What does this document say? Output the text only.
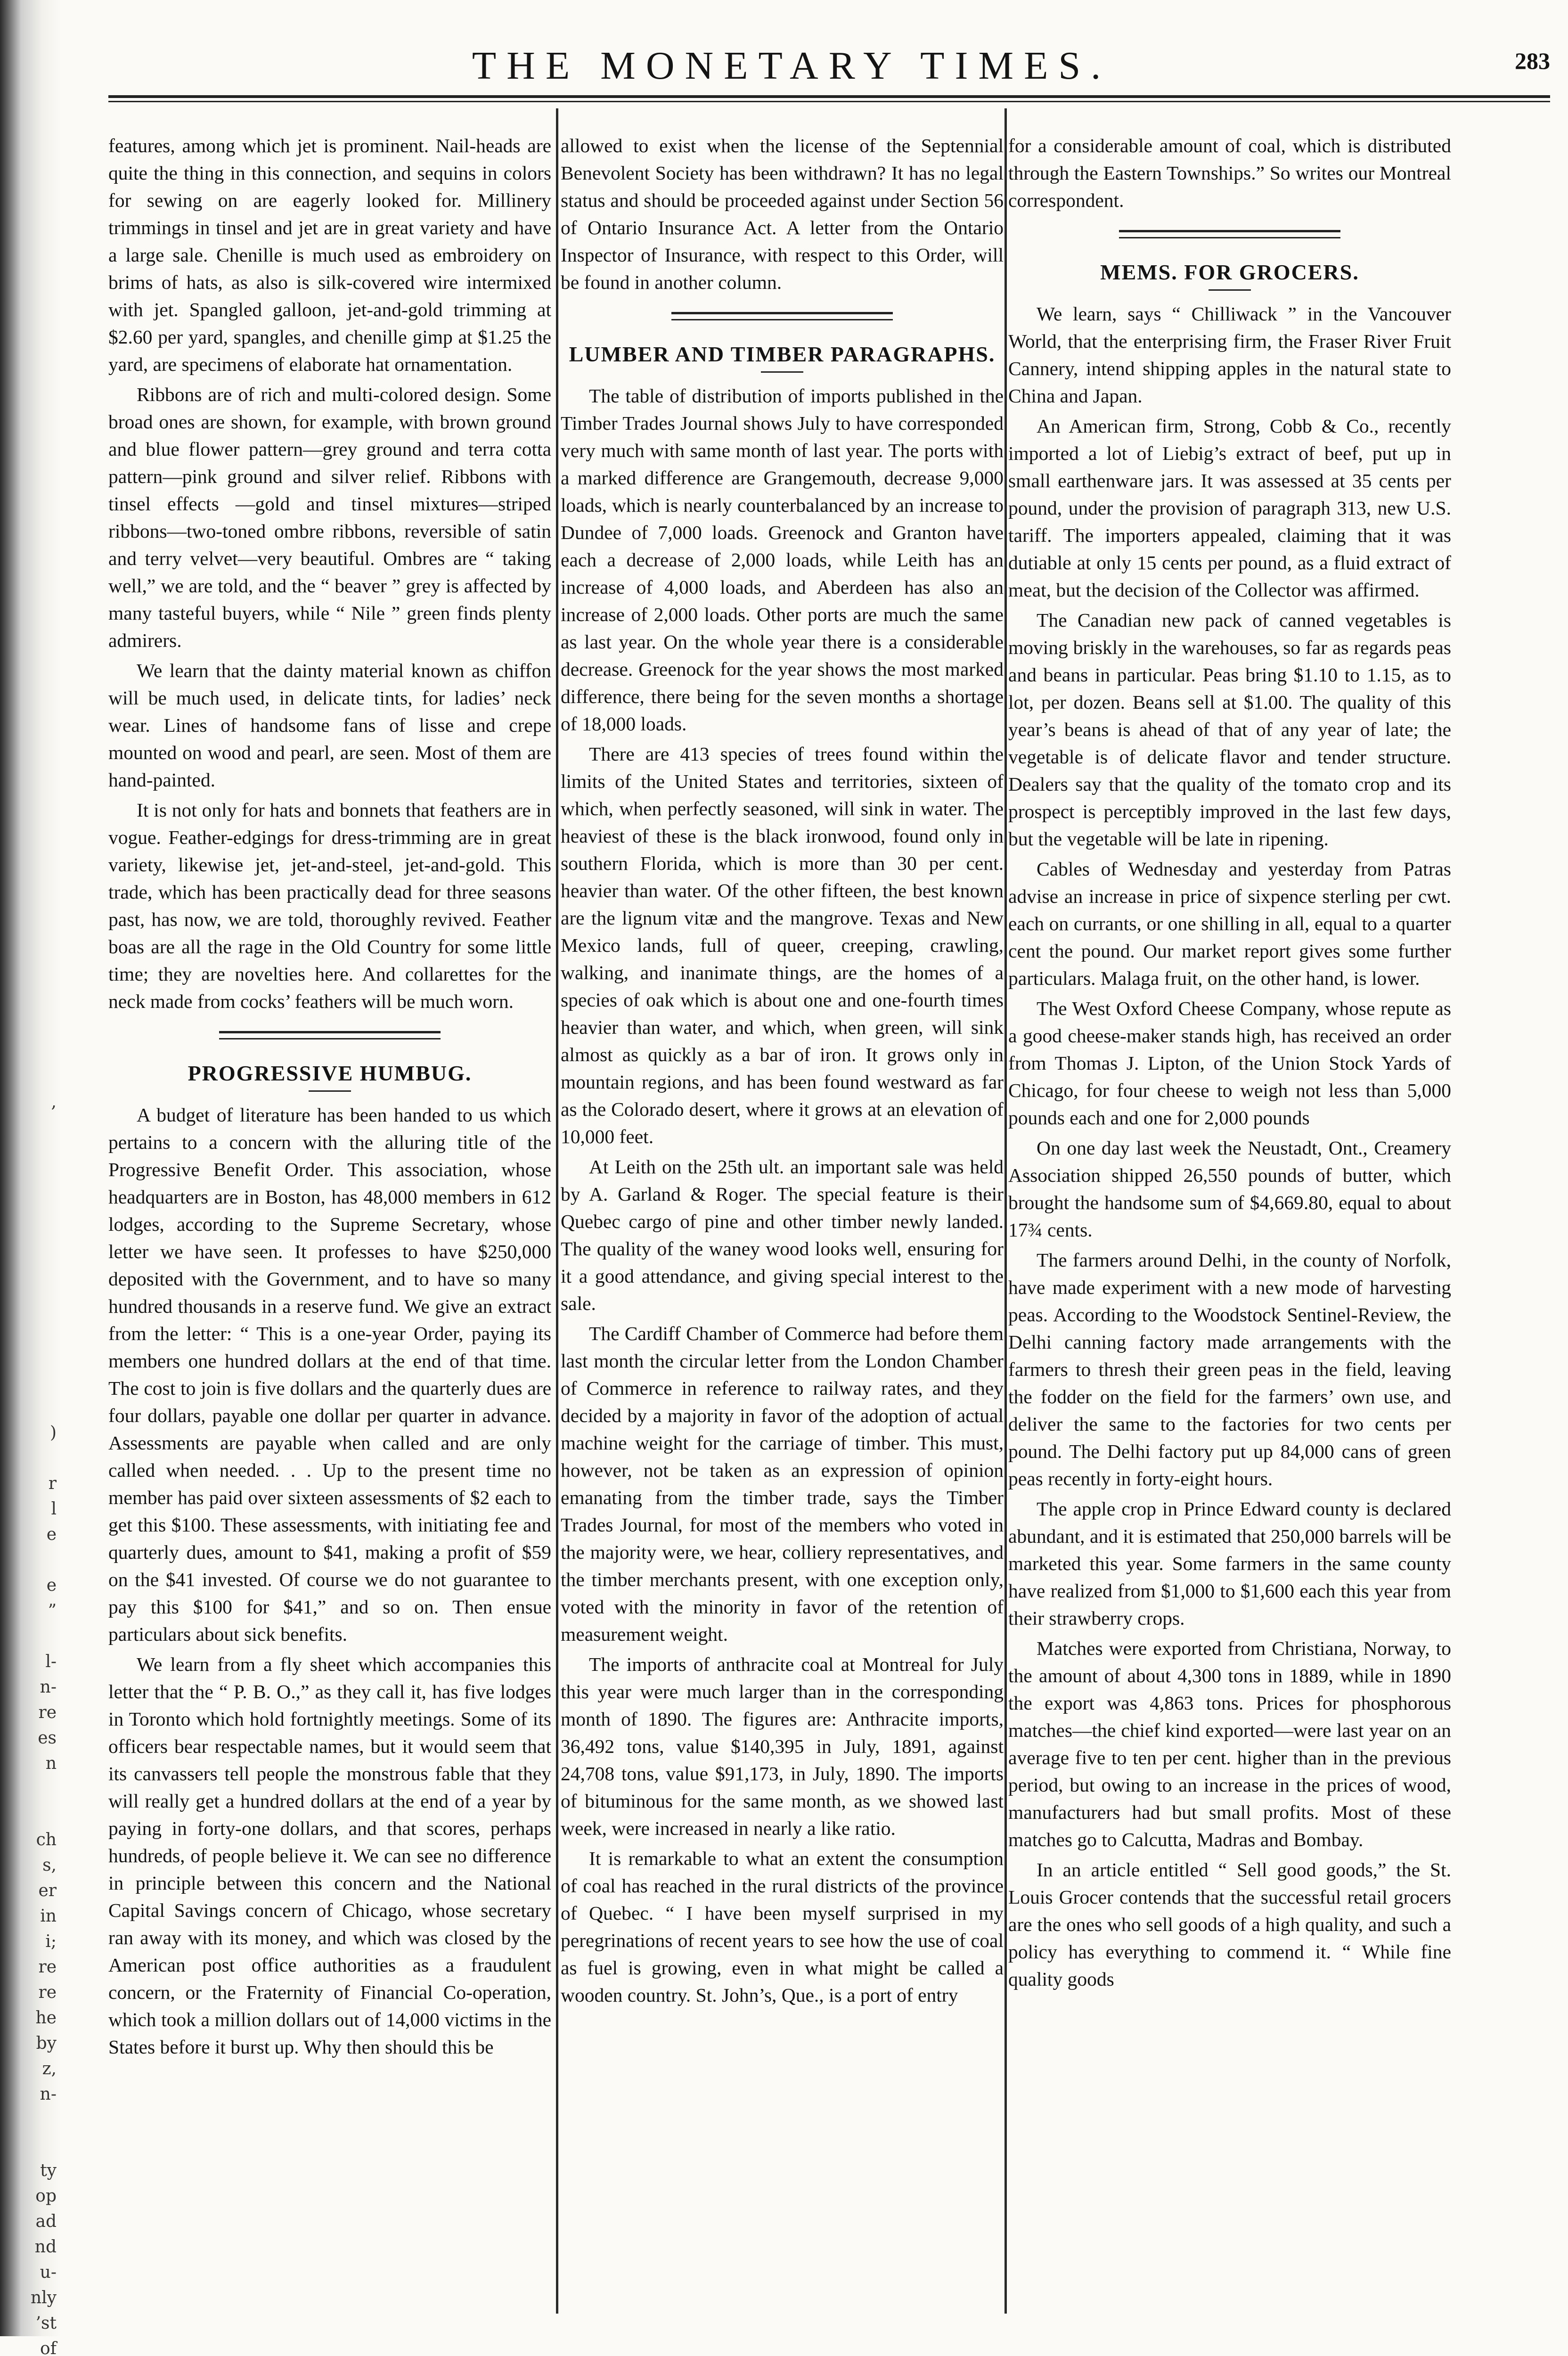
,
)
r
l
e
e
”
l-
n-
re
es
n
ch
s,
er
in
i;
re
re
he
by
z,
n-
ty
op
ad
nd
u-
nly
’st
of
THE MONETARY TIMES.	283

features, among which jet is prominent. Nail-heads are quite the thing in this connection, and sequins in colors for sewing on are eagerly looked for. Millinery trimmings in tinsel and jet are in great variety and have a large sale. Chenille is much used as embroidery on brims of hats, as also is silk-covered wire intermixed with jet. Spangled galloon, jet-and-gold trimming at $2.60 per yard, spangles, and chenille gimp at $1.25 the yard, are specimens of elaborate hat ornamentation.

Ribbons are of rich and multi-colored design. Some broad ones are shown, for example, with brown ground and blue flower pattern—grey ground and terra cotta pattern—pink ground and silver relief. Ribbons with tinsel effects —gold and tinsel mixtures—striped ribbons—two-toned ombre ribbons, reversible of satin and terry velvet—very beautiful. Ombres are “ taking well,” we are told, and the “ beaver ” grey is affected by many tasteful buyers, while “ Nile ” green finds plenty admirers.

We learn that the dainty material known as chiffon will be much used, in delicate tints, for ladies’ neck wear. Lines of handsome fans of lisse and crepe mounted on wood and pearl, are seen. Most of them are hand-painted.

It is not only for hats and bonnets that feathers are in vogue. Feather-edgings for dress-trimming are in great variety, likewise jet, jet-and-steel, jet-and-gold. This trade, which has been practically dead for three seasons past, has now, we are told, thoroughly revived. Feather boas are all the rage in the Old Country for some little time; they are novelties here. And collarettes for the neck made from cocks’ feathers will be much worn.

PROGRESSIVE HUMBUG.

A budget of literature has been handed to us which pertains to a concern with the alluring title of the Progressive Benefit Order. This association, whose headquarters are in Boston, has 48,000 members in 612 lodges, according to the Supreme Secretary, whose letter we have seen. It professes to have $250,000 deposited with the Government, and to have so many hundred thousands in a reserve fund. We give an extract from the letter: “ This is a one-year Order, paying its members one hundred dollars at the end of that time. The cost to join is five dollars and the quarterly dues are four dollars, payable one dollar per quarter in advance. Assessments are payable when called and are only called when needed. . . Up to the present time no member has paid over sixteen assessments of $2 each to get this $100. These assessments, with initiating fee and quarterly dues, amount to $41, making a profit of $59 on the $41 invested. Of course we do not guarantee to pay this $100 for $41,” and so on. Then ensue particulars about sick benefits.

We learn from a fly sheet which accompanies this letter that the “ P. B. O.,” as they call it, has five lodges in Toronto which hold fortnightly meetings. Some of its officers bear respectable names, but it would seem that its canvassers tell people the monstrous fable that they will really get a hundred dollars at the end of a year by paying in forty-one dollars, and that scores, perhaps hundreds, of people believe it. We can see no difference in principle between this concern and the National Capital Savings concern of Chicago, whose secretary ran away with its money, and which was closed by the American post office authorities as a fraudulent concern, or the Fraternity of Financial Co-operation, which took a million dollars out of 14,000 victims in the States before it burst up. Why then should this be

allowed to exist when the license of the Septennial Benevolent Society has been withdrawn? It has no legal status and should be proceeded against under Section 56 of Ontario Insurance Act. A letter from the Ontario Inspector of Insurance, with respect to this Order, will be found in another column.

LUMBER AND TIMBER PARAGRAPHS.

The table of distribution of imports published in the Timber Trades Journal shows July to have corresponded very much with same month of last year. The ports with a marked difference are Grangemouth, decrease 9,000 loads, which is nearly counterbalanced by an increase to Dundee of 7,000 loads. Greenock and Granton have each a decrease of 2,000 loads, while Leith has an increase of 4,000 loads, and Aberdeen has also an increase of 2,000 loads. Other ports are much the same as last year. On the whole year there is a considerable decrease. Greenock for the year shows the most marked difference, there being for the seven months a shortage of 18,000 loads.

There are 413 species of trees found within the limits of the United States and territories, sixteen of which, when perfectly seasoned, will sink in water. The heaviest of these is the black ironwood, found only in southern Florida, which is more than 30 per cent. heavier than water. Of the other fifteen, the best known are the lignum vitæ and the mangrove. Texas and New Mexico lands, full of queer, creeping, crawling, walking, and inanimate things, are the homes of a species of oak which is about one and one-fourth times heavier than water, and which, when green, will sink almost as quickly as a bar of iron. It grows only in mountain regions, and has been found westward as far as the Colorado desert, where it grows at an elevation of 10,000 feet.

At Leith on the 25th ult. an important sale was held by A. Garland & Roger. The special feature is their Quebec cargo of pine and other timber newly landed. The quality of the waney wood looks well, ensuring for it a good attendance, and giving special interest to the sale.

The Cardiff Chamber of Commerce had before them last month the circular letter from the London Chamber of Commerce in reference to railway rates, and they decided by a majority in favor of the adoption of actual machine weight for the carriage of timber. This must, however, not be taken as an expression of opinion emanating from the timber trade, says the Timber Trades Journal, for most of the members who voted in the majority were, we hear, colliery representatives, and the timber merchants present, with one exception only, voted with the minority in favor of the retention of measurement weight.

The imports of anthracite coal at Montreal for July this year were much larger than in the corresponding month of 1890. The figures are: Anthracite imports, 36,492 tons, value $140,395 in July, 1891, against 24,708 tons, value $91,173, in July, 1890. The imports of bituminous for the same month, as we showed last week, were increased in nearly a like ratio.

It is remarkable to what an extent the consumption of coal has reached in the rural districts of the province of Quebec. “ I have been myself surprised in my peregrinations of recent years to see how the use of coal as fuel is growing, even in what might be called a wooden country. St. John’s, Que., is a port of entry

for a considerable amount of coal, which is distributed through the Eastern Townships.” So writes our Montreal correspondent.

MEMS. FOR GROCERS.

We learn, says “ Chilliwack ” in the Vancouver World, that the enterprising firm, the Fraser River Fruit Cannery, intend shipping apples in the natural state to China and Japan.

An American firm, Strong, Cobb & Co., recently imported a lot of Liebig’s extract of beef, put up in small earthenware jars. It was assessed at 35 cents per pound, under the provision of paragraph 313, new U.S. tariff. The importers appealed, claiming that it was dutiable at only 15 cents per pound, as a fluid extract of meat, but the decision of the Collector was affirmed.

The Canadian new pack of canned vegetables is moving briskly in the warehouses, so far as regards peas and beans in particular. Peas bring $1.10 to 1.15, as to lot, per dozen. Beans sell at $1.00. The quality of this year’s beans is ahead of that of any year of late; the vegetable is of delicate flavor and tender structure. Dealers say that the quality of the tomato crop and its prospect is perceptibly improved in the last few days, but the vegetable will be late in ripening.

Cables of Wednesday and yesterday from Patras advise an increase in price of sixpence sterling per cwt. each on currants, or one shilling in all, equal to a quarter cent the pound. Our market report gives some further particulars. Malaga fruit, on the other hand, is lower.

The West Oxford Cheese Company, whose repute as a good cheese-maker stands high, has received an order from Thomas J. Lipton, of the Union Stock Yards of Chicago, for four cheese to weigh not less than 5,000 pounds each and one for 2,000 pounds

On one day last week the Neustadt, Ont., Creamery Association shipped 26,550 pounds of butter, which brought the handsome sum of $4,669.80, equal to about 17¾ cents.

The farmers around Delhi, in the county of Norfolk, have made experiment with a new mode of harvesting peas. According to the Woodstock Sentinel-Review, the Delhi canning factory made arrangements with the farmers to thresh their green peas in the field, leaving the fodder on the field for the farmers’ own use, and deliver the same to the factories for two cents per pound. The Delhi factory put up 84,000 cans of green peas recently in forty-eight hours.

The apple crop in Prince Edward county is declared abundant, and it is estimated that 250,000 barrels will be marketed this year. Some farmers in the same county have realized from $1,000 to $1,600 each this year from their strawberry crops.

Matches were exported from Christiana, Norway, to the amount of about 4,300 tons in 1889, while in 1890 the export was 4,863 tons. Prices for phosphorous matches—the chief kind exported—were last year on an average five to ten per cent. higher than in the previous period, but owing to an increase in the prices of wood, manufacturers had but small profits. Most of these matches go to Calcutta, Madras and Bombay.

In an article entitled “ Sell good goods,” the St. Louis Grocer contends that the successful retail grocers are the ones who sell goods of a high quality, and such a policy has everything to commend it. “ While fine quality goods
